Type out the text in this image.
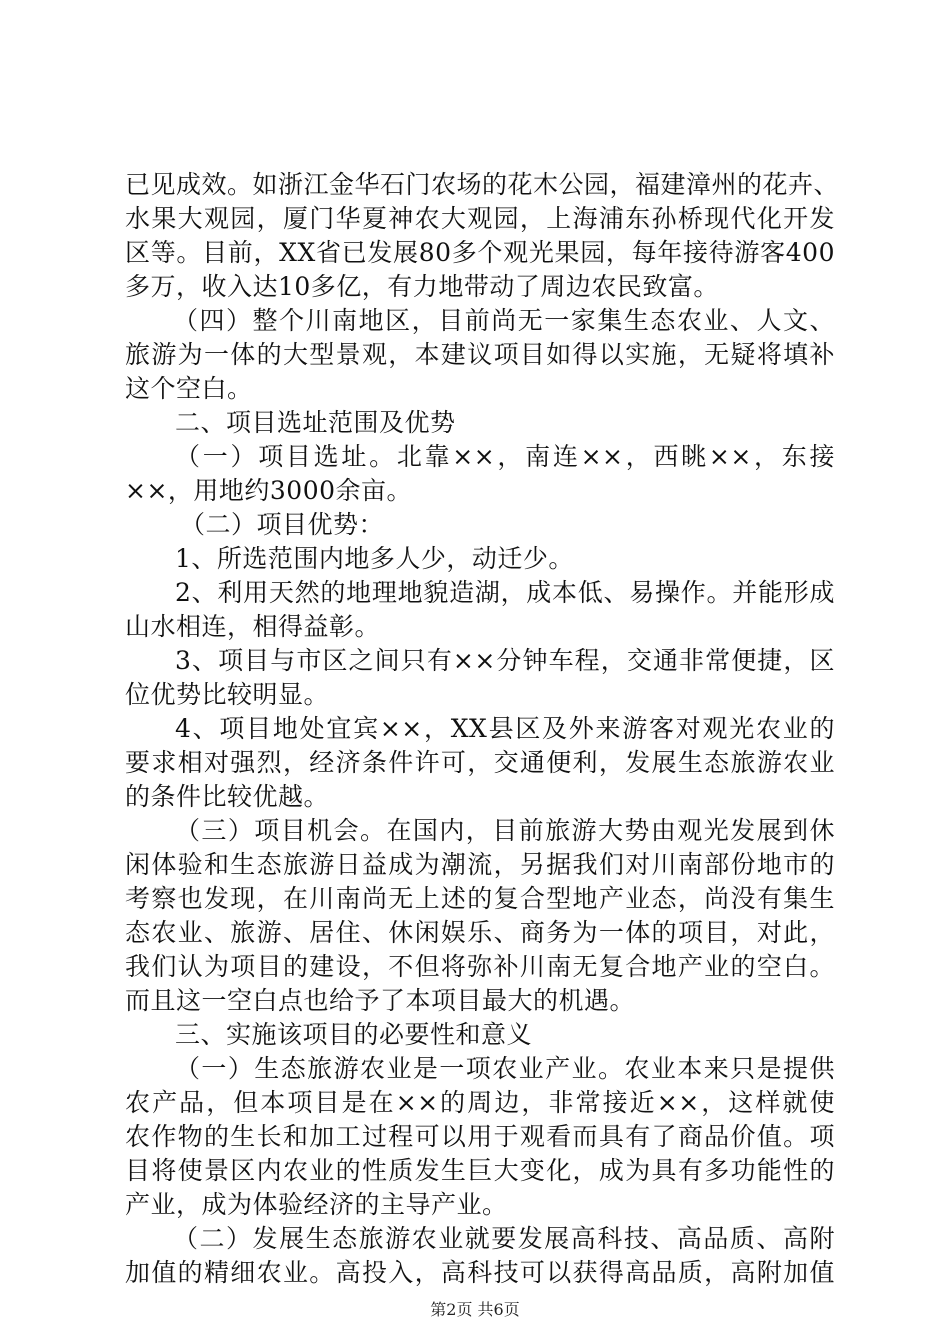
已见成效。如浙江金华石门农场的花木公园，福建漳州的花卉、
水果大观园，厦门华夏神农大观园，上海浦东孙桥现代化开发
区等。目前，XX省已发展80多个观光果园，每年接待游客400
多万，收入达10多亿，有力地带动了周边农民致富。
（四）整个川南地区，目前尚无一家集生态农业、人文、
旅游为一体的大型景观，本建议项目如得以实施，无疑将填补
这个空白。
二、项目选址范围及优势
（一）项目选址。北靠××，南连××，西眺××，东接
××，用地约3000余亩。
（二）项目优势：
1、所选范围内地多人少，动迁少。
2、利用天然的地理地貌造湖，成本低、易操作。并能形成
山水相连，相得益彰。
3、项目与市区之间只有××分钟车程，交通非常便捷，区
位优势比较明显。
4、项目地处宜宾××，XX县区及外来游客对观光农业的
要求相对强烈，经济条件许可，交通便利，发展生态旅游农业
的条件比较优越。
（三）项目机会。在国内，目前旅游大势由观光发展到休
闲体验和生态旅游日益成为潮流，另据我们对川南部份地市的
考察也发现，在川南尚无上述的复合型地产业态，尚没有集生
态农业、旅游、居住、休闲娱乐、商务为一体的项目，对此，
我们认为项目的建设，不但将弥补川南无复合地产业的空白。
而且这一空白点也给予了本项目最大的机遇。
三、实施该项目的必要性和意义
（一）生态旅游农业是一项农业产业。农业本来只是提供
农产品，但本项目是在××的周边，非常接近××，这样就使
农作物的生长和加工过程可以用于观看而具有了商品价值。项
目将使景区内农业的性质发生巨大变化，成为具有多功能性的
产业，成为体验经济的主导产业。
（二）发展生态旅游农业就要发展高科技、高品质、高附
加值的精细农业。高投入，高科技可以获得高品质，高附加值
第2页 共6页
